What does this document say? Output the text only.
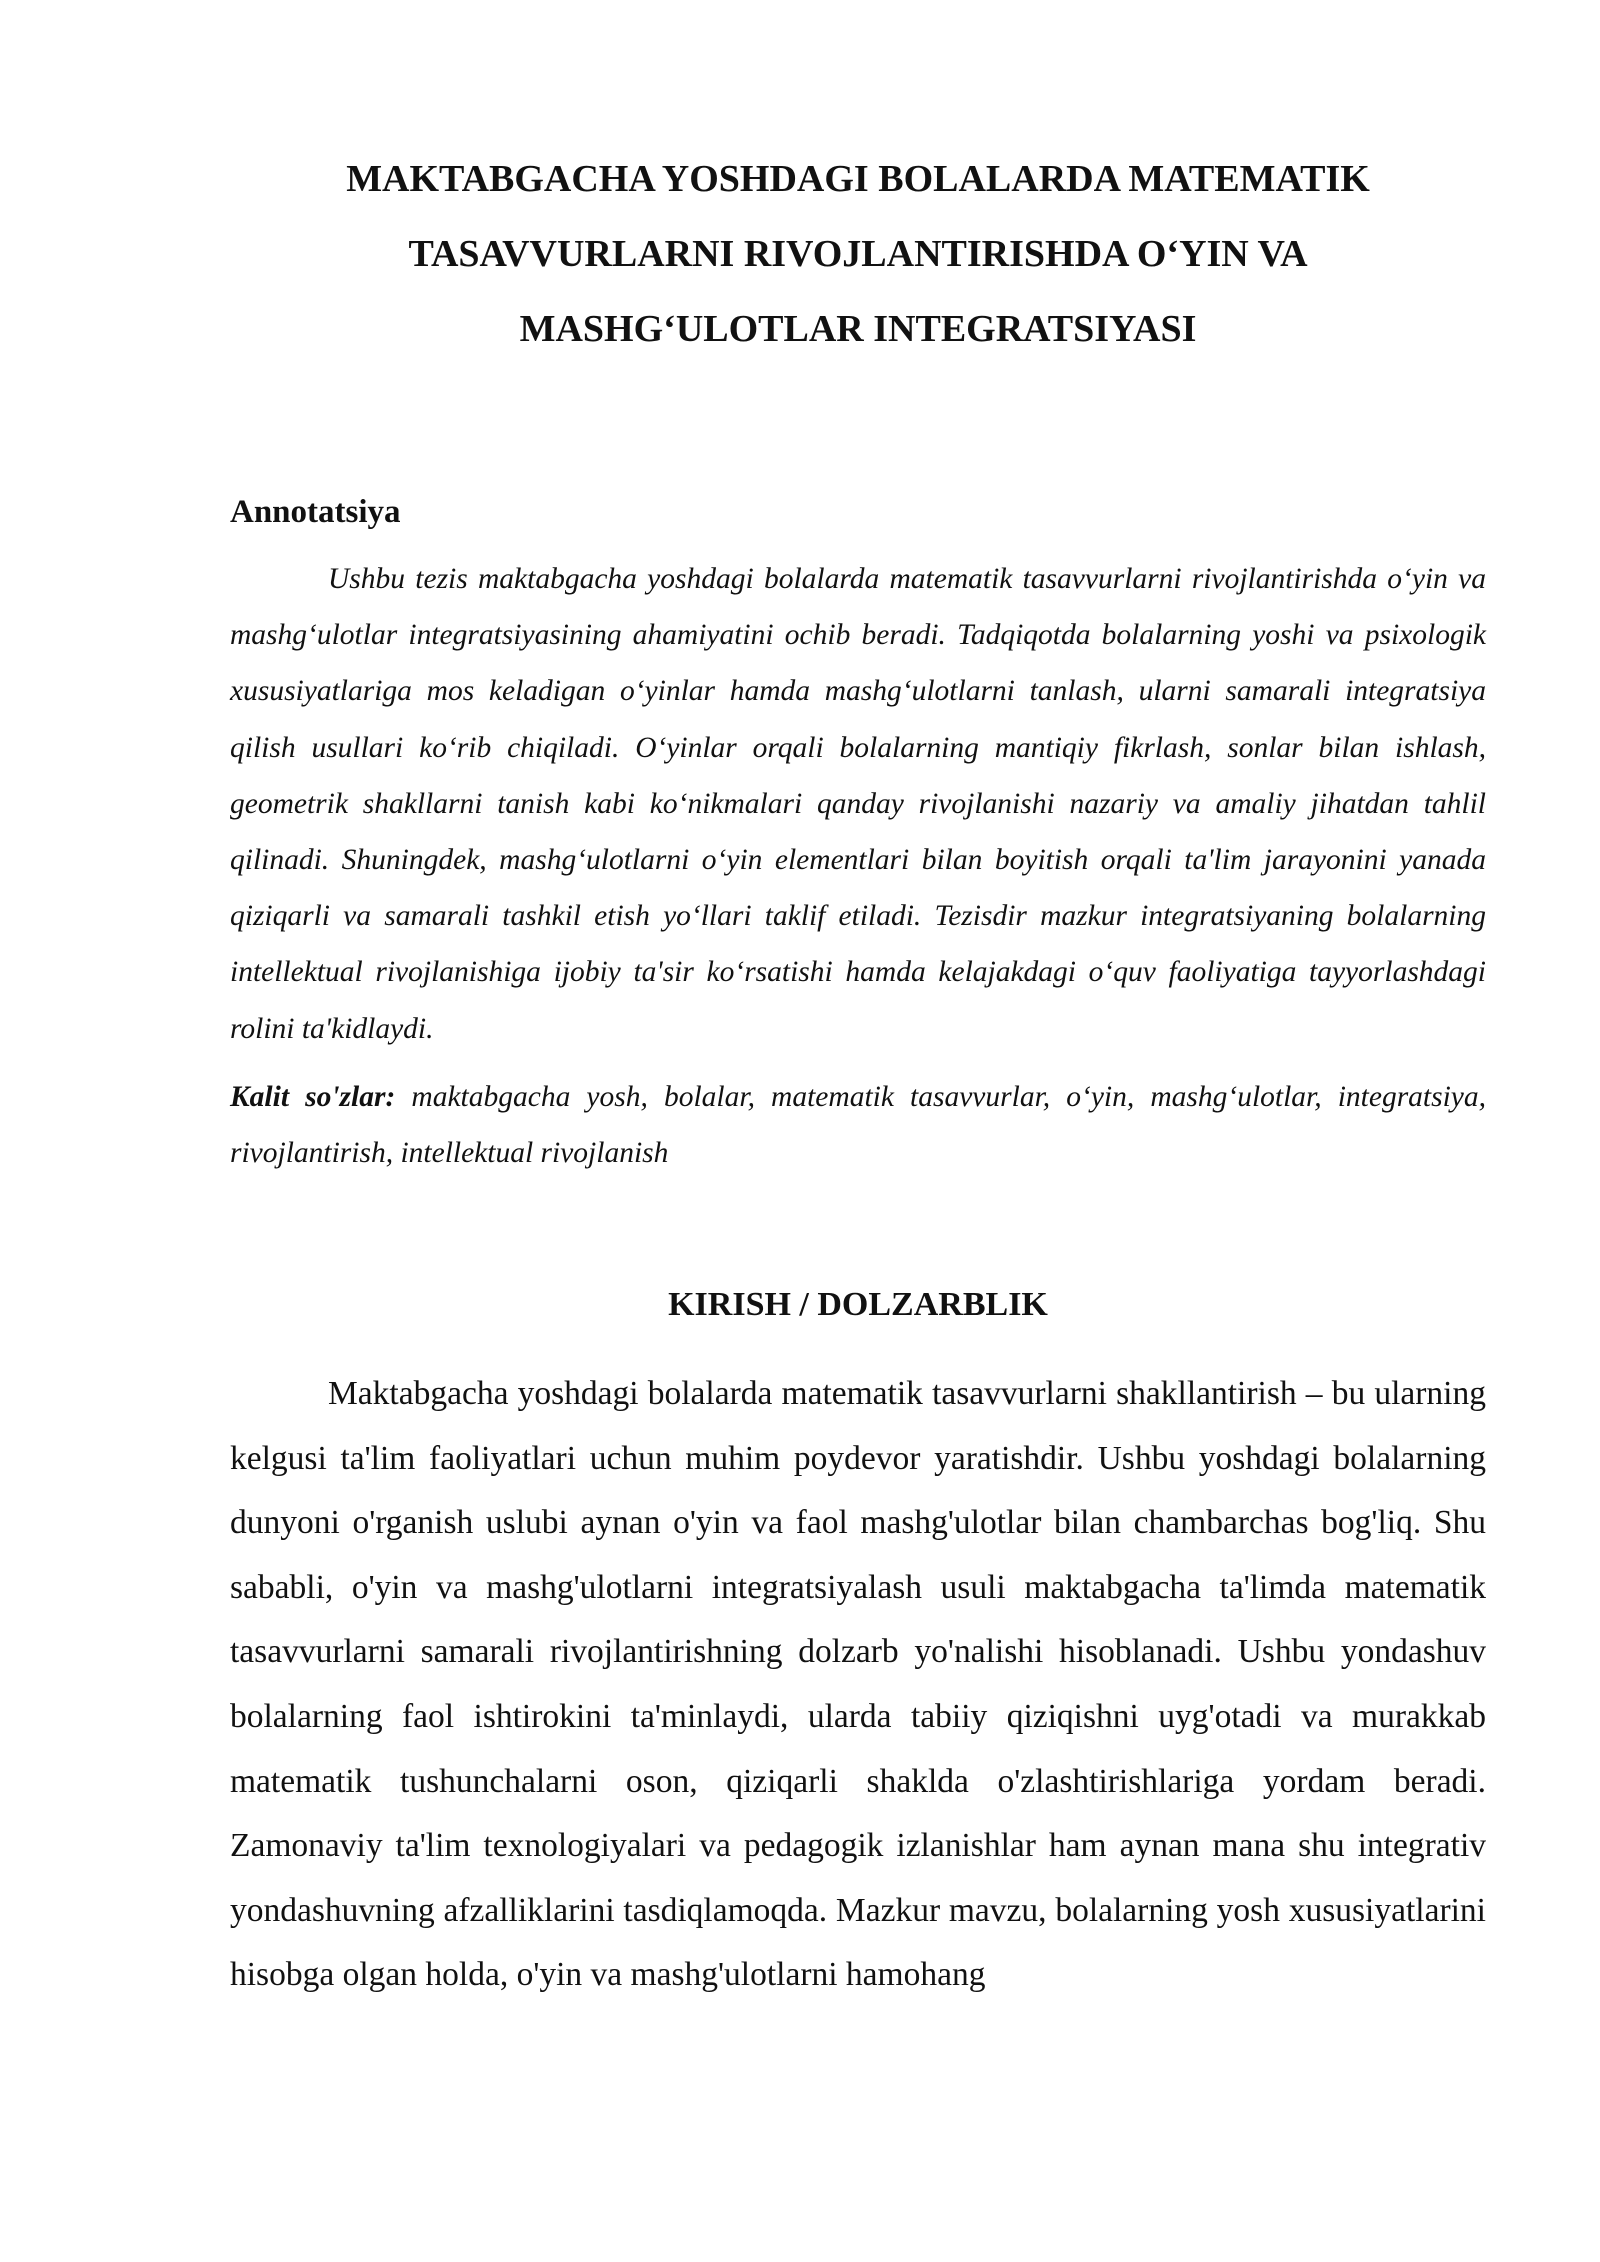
MAKTABGACHA YOSHDAGI BOLALARDA MATEMATIK
TASAVVURLARNI RIVOJLANTIRISHDA O‘YIN VA
MASHG‘ULOTLAR INTEGRATSIYASI
Annotatsiya

Ushbu tezis maktabgacha yoshdagi bolalarda matematik tasavvurlarni rivojlantirishda o‘yin va mashg‘ulotlar integratsiyasining ahamiyatini ochib beradi. Tadqiqotda bolalarning yoshi va psixologik xususiyatlariga mos keladigan o‘yinlar hamda mashg‘ulotlarni tanlash, ularni samarali integratsiya qilish usullari ko‘rib chiqiladi. O‘yinlar orqali bolalarning mantiqiy fikrlash, sonlar bilan ishlash, geometrik shakllarni tanish kabi ko‘nikmalari qanday rivojlanishi nazariy va amaliy jihatdan tahlil qilinadi. Shuningdek, mashg‘ulotlarni o‘yin elementlari bilan boyitish orqali ta'lim jarayonini yanada qiziqarli va samarali tashkil etish yo‘llari taklif etiladi. Tezisdir mazkur integratsiyaning bolalarning intellektual rivojlanishiga ijobiy ta'sir ko‘rsatishi hamda kelajakdagi o‘quv faoliyatiga tayyorlashdagi rolini ta'kidlaydi.

Kalit so'zlar: maktabgacha yosh, bolalar, matematik tasavvurlar, o‘yin, mashg‘ulotlar, integratsiya, rivojlantirish, intellektual rivojlanish

KIRISH / DOLZARBLIK

Maktabgacha yoshdagi bolalarda matematik tasavvurlarni shakllantirish – bu ularning kelgusi ta'lim faoliyatlari uchun muhim poydevor yaratishdir. Ushbu yoshdagi bolalarning dunyoni o'rganish uslubi aynan o'yin va faol mashg'ulotlar bilan chambarchas bog'liq. Shu sababli, o'yin va mashg'ulotlarni integratsiyalash usuli maktabgacha ta'limda matematik tasavvurlarni samarali rivojlantirishning dolzarb yo'nalishi hisoblanadi. Ushbu yondashuv bolalarning faol ishtirokini ta'minlaydi, ularda tabiiy qiziqishni uyg'otadi va murakkab matematik tushunchalarni oson, qiziqarli shaklda o'zlashtirishlariga yordam beradi. Zamonaviy ta'lim texnologiyalari va pedagogik izlanishlar ham aynan mana shu integrativ yondashuvning afzalliklarini tasdiqlamoqda. Mazkur mavzu, bolalarning yosh xususiyatlarini hisobga olgan holda, o'yin va mashg'ulotlarni hamohang
